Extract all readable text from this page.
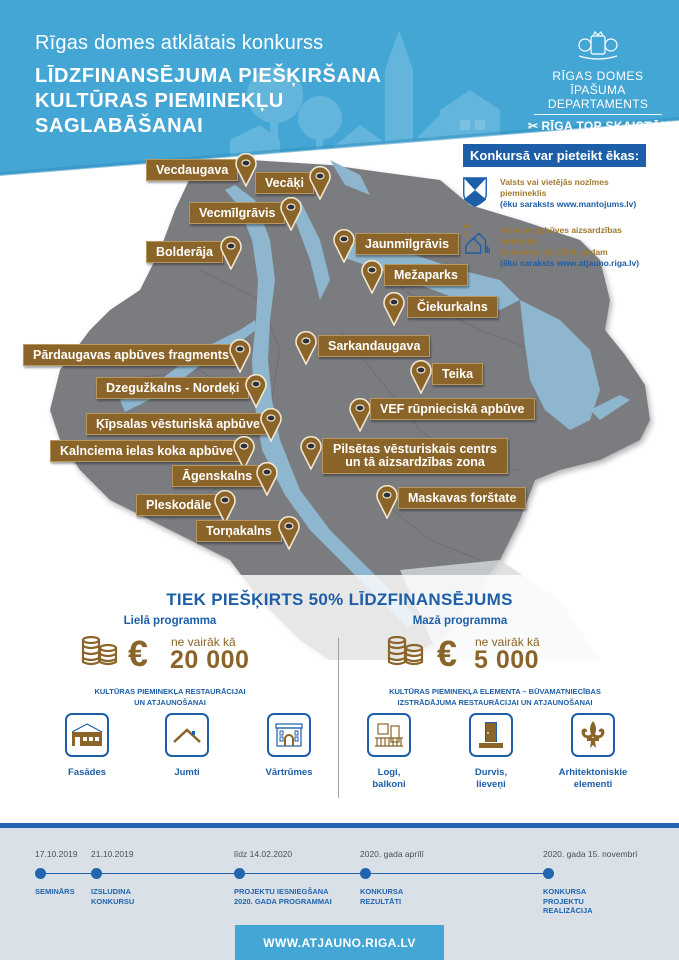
Rīgas domes atklātais konkurss
LĪDZFINANSĒJUMA PIEŠĶIRŠANA
KULTŪRAS PIEMINEKĻU
SAGLABĀŠANAI
RĪGAS DOMES
ĪPAŠUMA DEPARTAMENTS
✂ RĪGA TOP SKAISTĀKA
Konkursā var pieteikt ēkas:
Valsts vai vietējās nozīmes
piemineklis
(ēku saraksts www.mantojums.lv)
Atrodas apbūves aizsardzības
teritorijās
Uzbūvēta līdz 1940. gadam
(ēku saraksts www.atjauno.riga.lv)
Vecdaugava
Vecāķi
Vecmīlgrāvis
Bolderāja
Jaunmīlgrāvis
Mežaparks
Čiekurkalns
Sarkandaugava
Pārdaugavas apbūves fragments
Teika
Dzegužkalns - Nordeķi
VEF rūpnieciskā apbūve
Ķīpsalas vēsturiskā apbūve
Kalnciema ielas koka apbūve	Pilsētas vēsturiskais centrs
un tā aizsardzības zona
Āgenskalns
Maskavas forštate
Pleskodāle
Torņakalns
TIEK PIEŠĶIRTS 50% LĪDZFINANSĒJUMS
Lielā programma
€ ne vairāk kā
20 000
KULTŪRAS PIEMINEKĻA RESTAURĀCIJAI
UN ATJAUNOŠANAI
Mazā programma
€ ne vairāk kā
5 000
KULTŪRAS PIEMINEKĻA ELEMENTA – BŪVAMATNIECĪBAS
IZSTRĀDĀJUMA RESTAURĀCIJAI UN ATJAUNOŠANAI
Fasādes	Jumti	Vārtrūmes	Logi,
balkoni
Durvis,
lieveņi
Arhitektoniskie
elementi
17.10.2019
SEMINĀRS
21.10.2019
IZSLUDINA
KONKURSU
līdz 14.02.2020
PROJEKTU IESNIEGŠANA
2020. GADA PROGRAMMAI
2020. gada aprīlī
KONKURSA
REZULTĀTI
2020. gada 15. novembrī
KONKURSA
PROJEKTU
REALIZĀCIJA
WWW.ATJAUNO.RIGA.LV
